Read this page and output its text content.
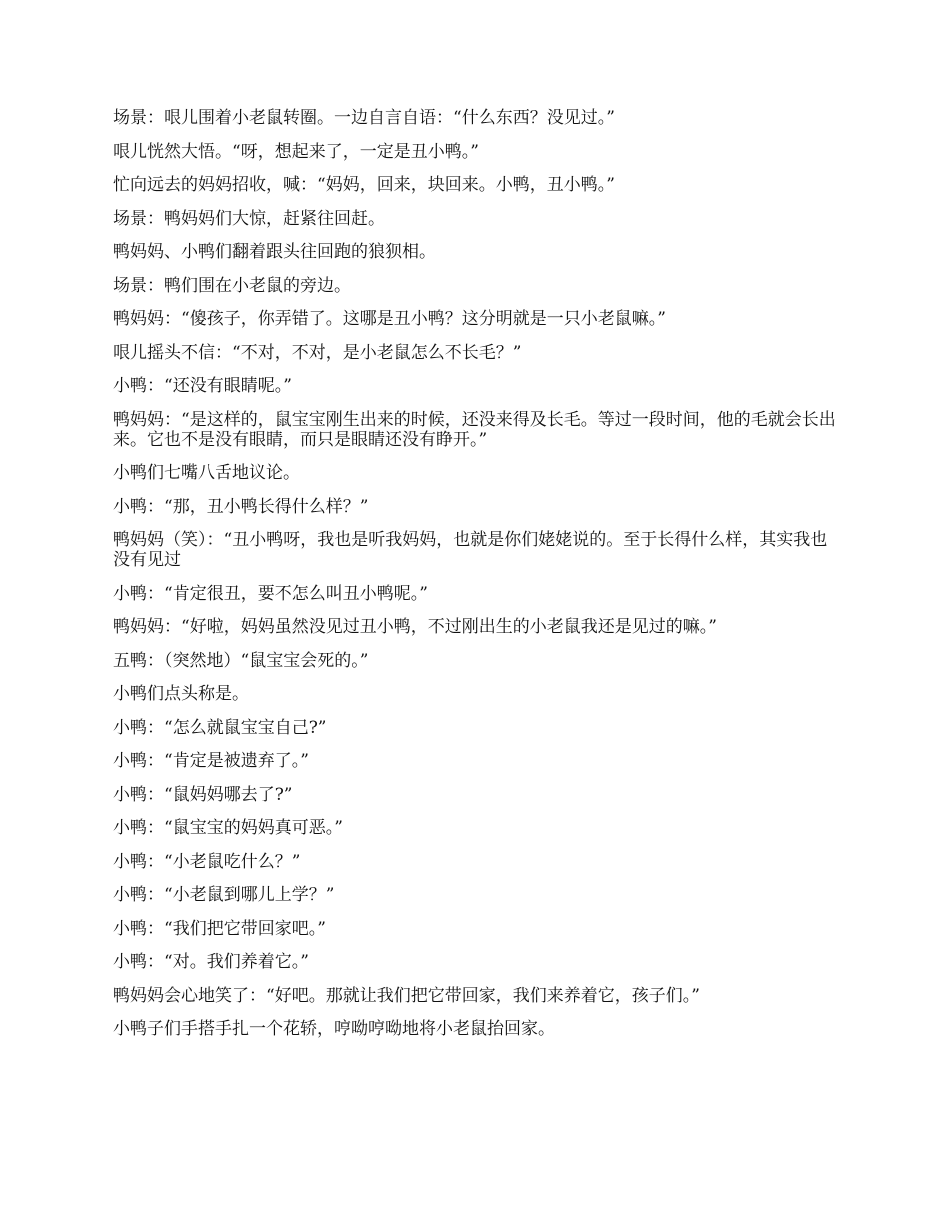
场景：哏儿围着小老鼠转圈。一边自言自语：“什么东西？没见过。”

哏儿恍然大悟。“呀，想起来了，一定是丑小鸭。”

忙向远去的妈妈招收，喊：“妈妈，回来，块回来。小鸭，丑小鸭。”

场景：鸭妈妈们大惊，赶紧往回赶。

鸭妈妈、小鸭们翻着跟头往回跑的狼狈相。

场景：鸭们围在小老鼠的旁边。

鸭妈妈：“傻孩子，你弄错了。这哪是丑小鸭？这分明就是一只小老鼠嘛。”

哏儿摇头不信：“不对，不对，是小老鼠怎么不长毛？”

小鸭：“还没有眼睛呢。”

鸭妈妈：“是这样的，鼠宝宝刚生出来的时候，还没来得及长毛。等过一段时间，他的毛就会长出来。它也不是没有眼睛，而只是眼睛还没有睁开。”

小鸭们七嘴八舌地议论。

小鸭：“那，丑小鸭长得什么样？”

鸭妈妈（笑）：“丑小鸭呀，我也是听我妈妈，也就是你们姥姥说的。至于长得什么样，其实我也没有见过

小鸭：“肯定很丑，要不怎么叫丑小鸭呢。”

鸭妈妈：“好啦，妈妈虽然没见过丑小鸭，不过刚出生的小老鼠我还是见过的嘛。”

五鸭：（突然地）“鼠宝宝会死的。”

小鸭们点头称是。

小鸭：“怎么就鼠宝宝自己?”

小鸭：“肯定是被遗弃了。”

小鸭：“鼠妈妈哪去了?”

小鸭：“鼠宝宝的妈妈真可恶。”

小鸭：“小老鼠吃什么？”

小鸭：“小老鼠到哪儿上学？”

小鸭：“我们把它带回家吧。”

小鸭：“对。我们养着它。”

鸭妈妈会心地笑了：“好吧。那就让我们把它带回家，我们来养着它，孩子们。”

小鸭子们手搭手扎一个花轿，哼呦哼呦地将小老鼠抬回家。
